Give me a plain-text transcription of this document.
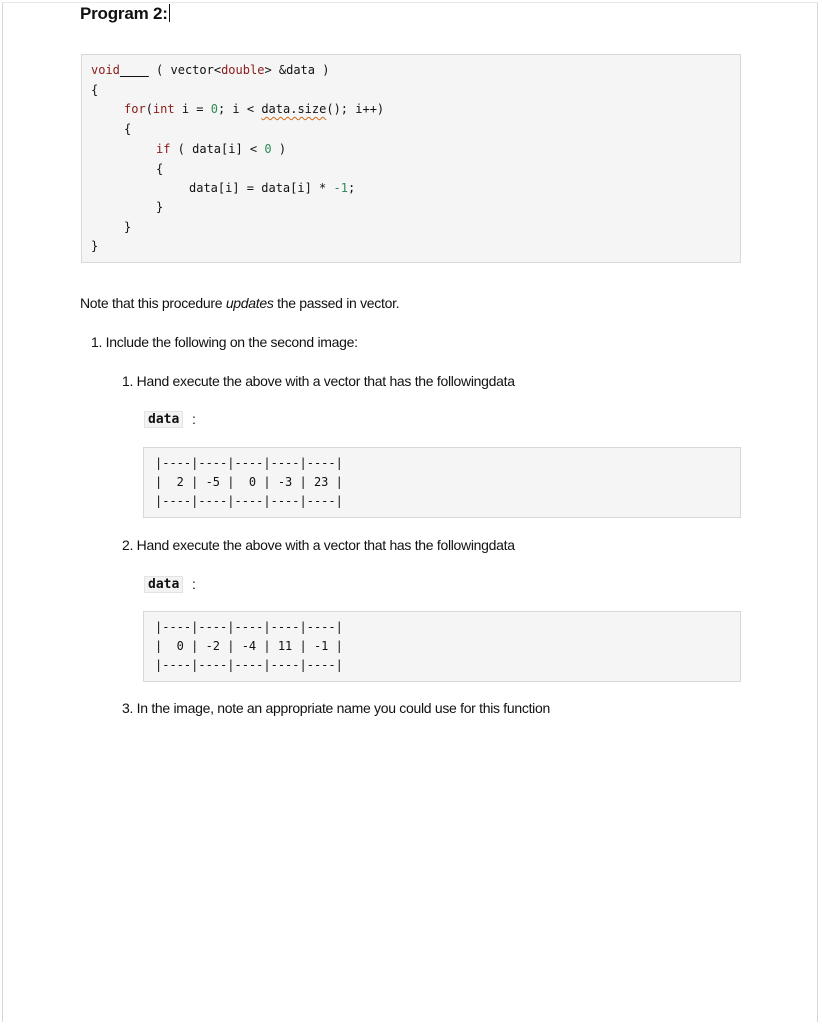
Program 2:
void	( vector<double> &data )
{
for(int i = 0; i < data.size(); i++)
{
if ( data[i] < 0 )
{
data[i] = data[i] * -1;
}
}
}
Note that this procedure updates the passed in vector.
1. Include the following on the second image:
1. Hand execute the above with a vector that has the followingdata
data :
|----|----|----|----|----|
|  2 | -5 |  0 | -3 | 23 |
|----|----|----|----|----|
2. Hand execute the above with a vector that has the followingdata
data :
|----|----|----|----|----|
|  0 | -2 | -4 | 11 | -1 |
|----|----|----|----|----|
3. In the image, note an appropriate name you could use for this function
